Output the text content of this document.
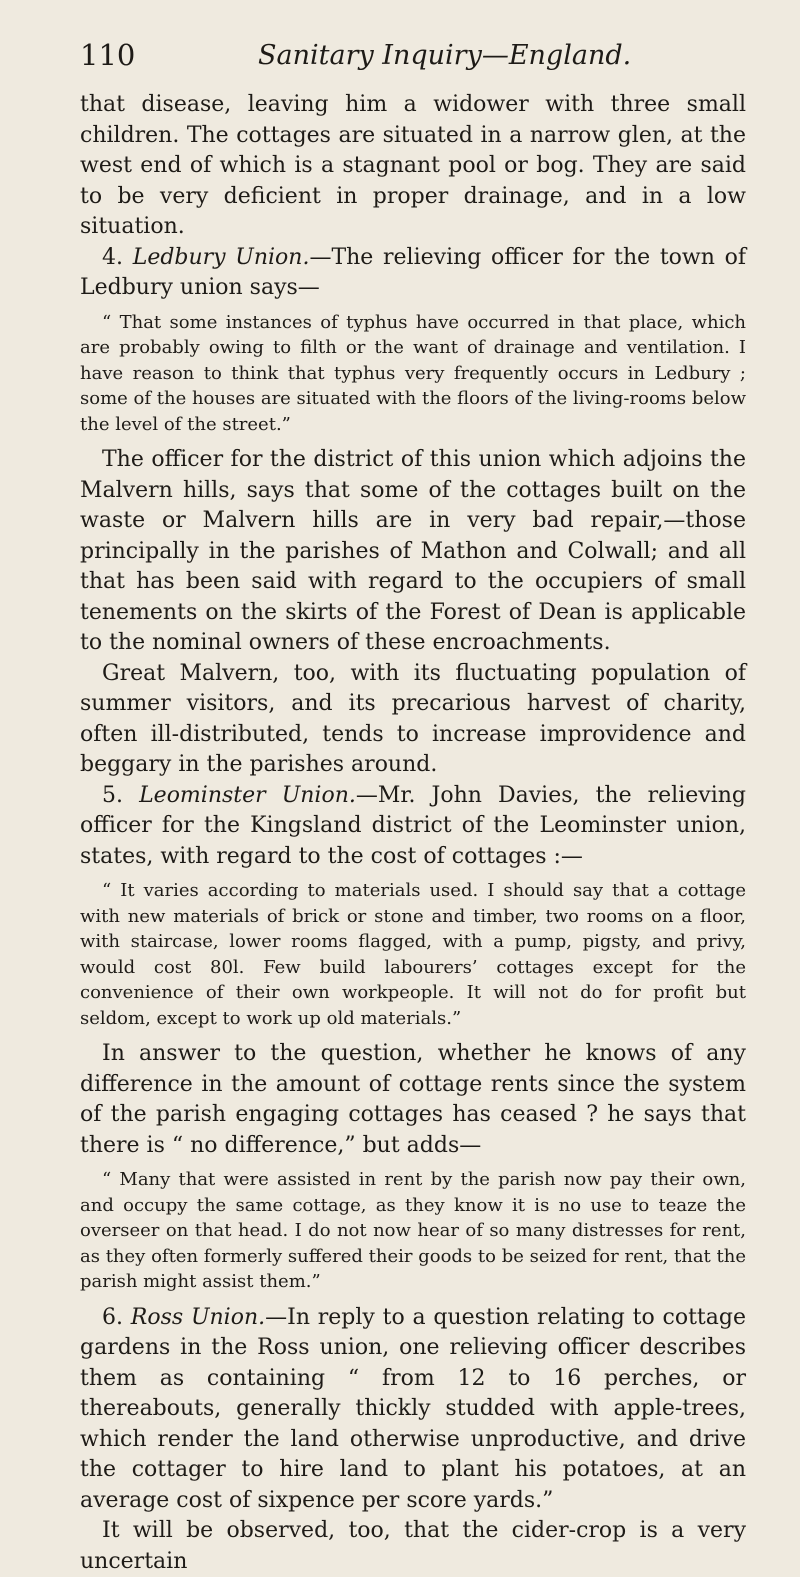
110	Sanitary Inquiry—England.

that disease, leaving him a widower with three small children. The cottages are situated in a narrow glen, at the west end of which is a stagnant pool or bog. They are said to be very deficient in proper drainage, and in a low situation.

4. Ledbury Union.—The relieving officer for the town of Ledbury union says—

“ That some instances of typhus have occurred in that place, which are probably owing to filth or the want of drainage and ventilation. I have reason to think that typhus very frequently occurs in Ledbury ; some of the houses are situated with the floors of the living-rooms below the level of the street.”

The officer for the district of this union which adjoins the Malvern hills, says that some of the cottages built on the waste or Malvern hills are in very bad repair,—those principally in the parishes of Mathon and Colwall; and all that has been said with regard to the occupiers of small tenements on the skirts of the Forest of Dean is applicable to the nominal owners of these encroachments.

Great Malvern, too, with its fluctuating population of summer visitors, and its precarious harvest of charity, often ill-distributed, tends to increase improvidence and beggary in the parishes around.

5. Leominster Union.—Mr. John Davies, the relieving officer for the Kingsland district of the Leominster union, states, with regard to the cost of cottages :—

“ It varies according to materials used. I should say that a cottage with new materials of brick or stone and timber, two rooms on a floor, with staircase, lower rooms flagged, with a pump, pigsty, and privy, would cost 80l. Few build labourers’ cottages except for the convenience of their own workpeople. It will not do for profit but seldom, except to work up old materials.”

In answer to the question, whether he knows of any difference in the amount of cottage rents since the system of the parish engaging cottages has ceased ? he says that there is “ no difference,” but adds—

“ Many that were assisted in rent by the parish now pay their own, and occupy the same cottage, as they know it is no use to teaze the overseer on that head. I do not now hear of so many distresses for rent, as they often formerly suffered their goods to be seized for rent, that the parish might assist them.”

6. Ross Union.—In reply to a question relating to cottage gardens in the Ross union, one relieving officer describes them as containing “ from 12 to 16 perches, or thereabouts, generally thickly studded with apple-trees, which render the land otherwise unproductive, and drive the cottager to hire land to plant his potatoes, at an average cost of sixpence per score yards.”

It will be observed, too, that the cider-crop is a very uncertain
